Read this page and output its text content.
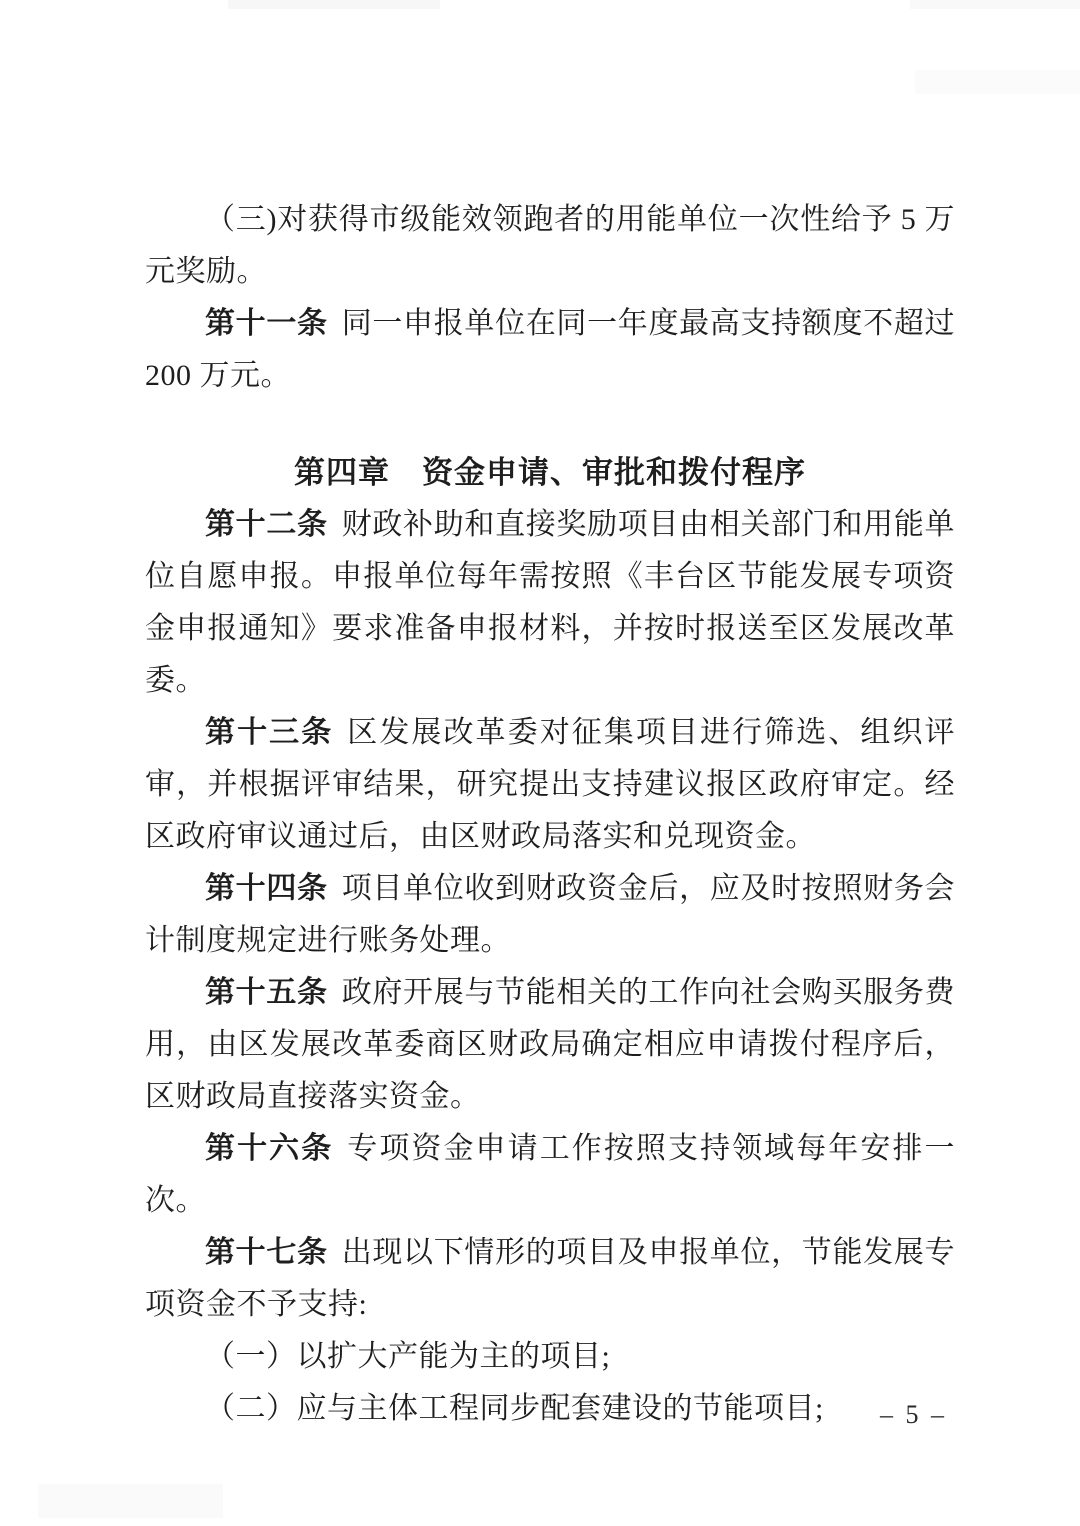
（三)对获得市级能效领跑者的用能单位一次性给予 5 万元奖励。

第十一条 同一申报单位在同一年度最高支持额度不超过 200 万元。

第四章　资金申请、审批和拨付程序

第十二条 财政补助和直接奖励项目由相关部门和用能单位自愿申报。申报单位每年需按照《丰台区节能发展专项资金申报通知》要求准备申报材料，并按时报送至区发展改革委。

第十三条 区发展改革委对征集项目进行筛选、组织评审，并根据评审结果，研究提出支持建议报区政府审定。经区政府审议通过后，由区财政局落实和兑现资金。

第十四条 项目单位收到财政资金后，应及时按照财务会计制度规定进行账务处理。

第十五条 政府开展与节能相关的工作向社会购买服务费用，由区发展改革委商区财政局确定相应申请拨付程序后，区财政局直接落实资金。

第十六条 专项资金申请工作按照支持领域每年安排一次。

第十七条 出现以下情形的项目及申报单位，节能发展专项资金不予支持:

（一）以扩大产能为主的项目;

（二）应与主体工程同步配套建设的节能项目;	– 5 –
